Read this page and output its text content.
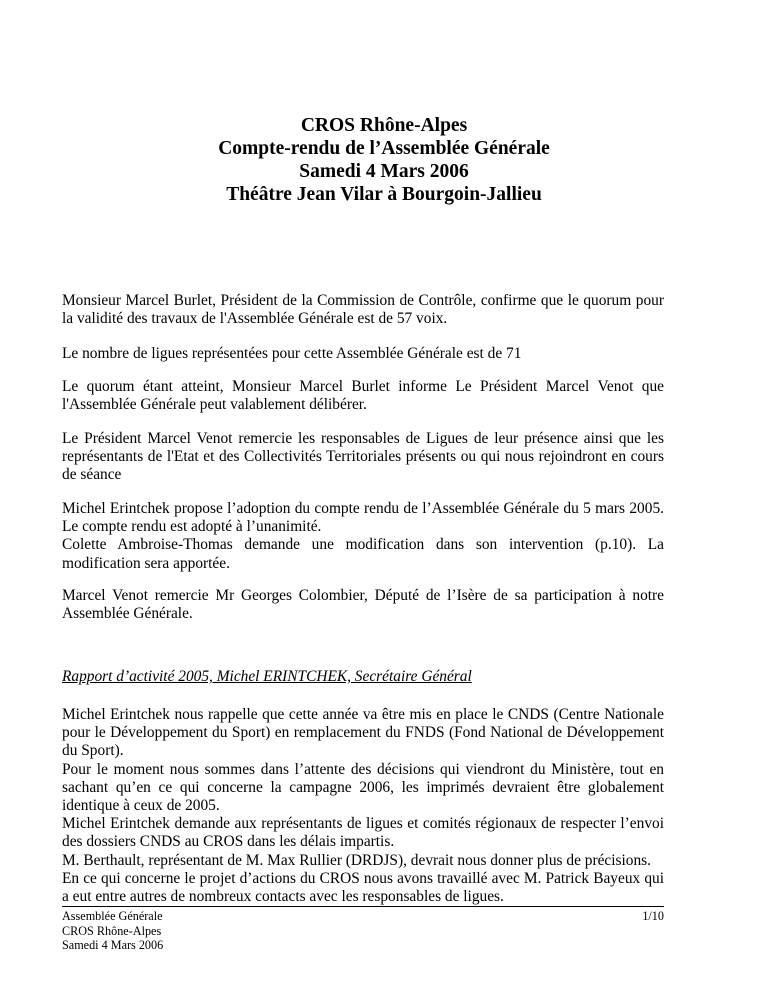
CROS Rhône-Alpes
Compte-rendu de l’Assemblée Générale
Samedi 4 Mars 2006
Théâtre Jean Vilar à Bourgoin-Jallieu
Monsieur Marcel Burlet, Président de la Commission de Contrôle, confirme que le quorum pour la validité des travaux de l'Assemblée Générale est de 57 voix.
Le nombre de ligues représentées pour cette Assemblée Générale est de 71
Le quorum étant atteint, Monsieur Marcel Burlet informe Le Président Marcel Venot que l'Assemblée Générale peut valablement délibérer.
Le Président Marcel Venot remercie les responsables de Ligues de leur présence ainsi que les représentants de l'Etat et des Collectivités Territoriales présents ou qui nous rejoindront en cours de séance
Michel Erintchek propose l’adoption du compte rendu de l’Assemblée Générale du 5 mars 2005. Le compte rendu est adopté à l’unanimité.
Colette Ambroise-Thomas demande une modification dans son intervention (p.10). La modification sera apportée.
Marcel Venot remercie Mr Georges Colombier, Député de l’Isère de sa participation à notre Assemblée Générale.
Rapport d’activité 2005, Michel ERINTCHEK, Secrétaire Général
Michel Erintchek nous rappelle que cette année va être mis en place le CNDS (Centre Nationale pour le Développement du Sport) en remplacement du FNDS (Fond National de Développement du Sport).
Pour le moment nous sommes dans l’attente des décisions qui viendront du Ministère, tout en sachant qu’en ce qui concerne la campagne 2006, les imprimés devraient être globalement identique à ceux de 2005.
Michel Erintchek demande aux représentants de ligues et comités régionaux de respecter l’envoi des dossiers CNDS au CROS dans les délais impartis.
M. Berthault, représentant de M. Max Rullier (DRDJS), devrait nous donner plus de précisions.
En ce qui concerne le projet d’actions du CROS nous avons travaillé avec M. Patrick Bayeux qui a eut entre autres de nombreux contacts avec les responsables de ligues.
Assemblée Générale
CROS Rhône-Alpes
Samedi 4 Mars 2006
1/10
